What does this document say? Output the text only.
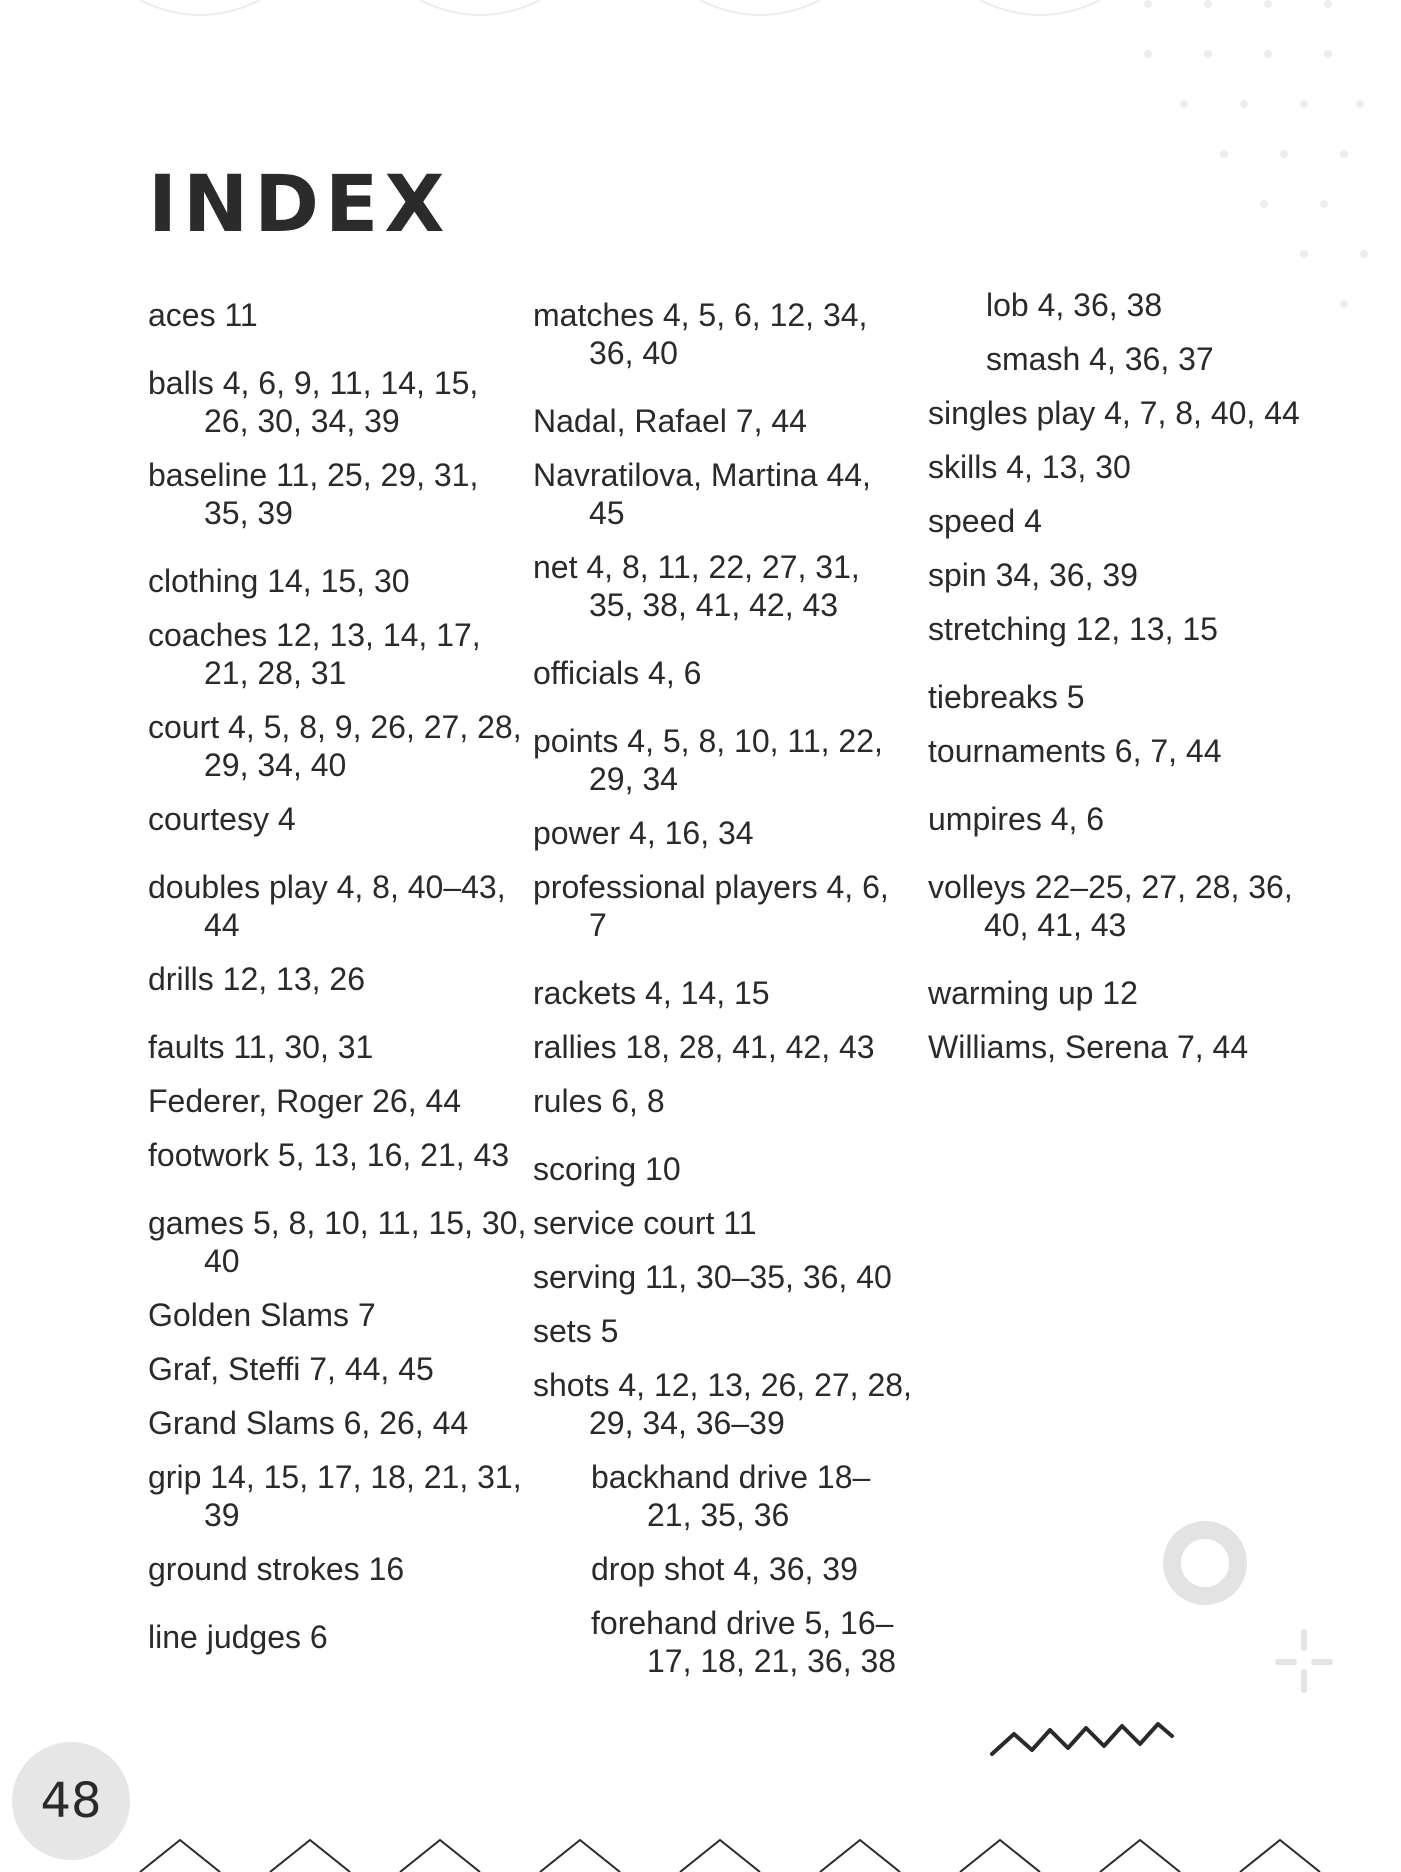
INDEX

aces 11

balls 4, 6, 9, 11, 14, 15, 26, 30, 34, 39

baseline 11, 25, 29, 31, 35, 39

clothing 14, 15, 30

coaches 12, 13, 14, 17, 21, 28, 31

court 4, 5, 8, 9, 26, 27, 28, 29, 34, 40

courtesy 4

doubles play 4, 8, 40–43, 44

drills 12, 13, 26

faults 11, 30, 31

Federer, Roger 26, 44

footwork 5, 13, 16, 21, 43

games 5, 8, 10, 11, 15, 30, 40

Golden Slams 7

Graf, Steffi 7, 44, 45

Grand Slams 6, 26, 44

grip 14, 15, 17, 18, 21, 31, 39

ground strokes 16

line judges 6

matches 4, 5, 6, 12, 34, 36, 40

Nadal, Rafael 7, 44

Navratilova, Martina 44, 45

net 4, 8, 11, 22, 27, 31, 35, 38, 41, 42, 43

officials 4, 6

points 4, 5, 8, 10, 11, 22, 29, 34

power 4, 16, 34

professional players 4, 6, 7

rackets 4, 14, 15

rallies 18, 28, 41, 42, 43

rules 6, 8

scoring 10

service court 11

serving 11, 30–35, 36, 40

sets 5

shots 4, 12, 13, 26, 27, 28, 29, 34, 36–39

backhand drive 18–21, 35, 36

drop shot 4, 36, 39

forehand drive 5, 16–17, 18, 21, 36, 38

lob 4, 36, 38

smash 4, 36, 37

singles play 4, 7, 8, 40, 44

skills 4, 13, 30

speed 4

spin 34, 36, 39

stretching 12, 13, 15

tiebreaks 5

tournaments 6, 7, 44

umpires 4, 6

volleys 22–25, 27, 28, 36, 40, 41, 43

warming up 12

Williams, Serena 7, 44

48
